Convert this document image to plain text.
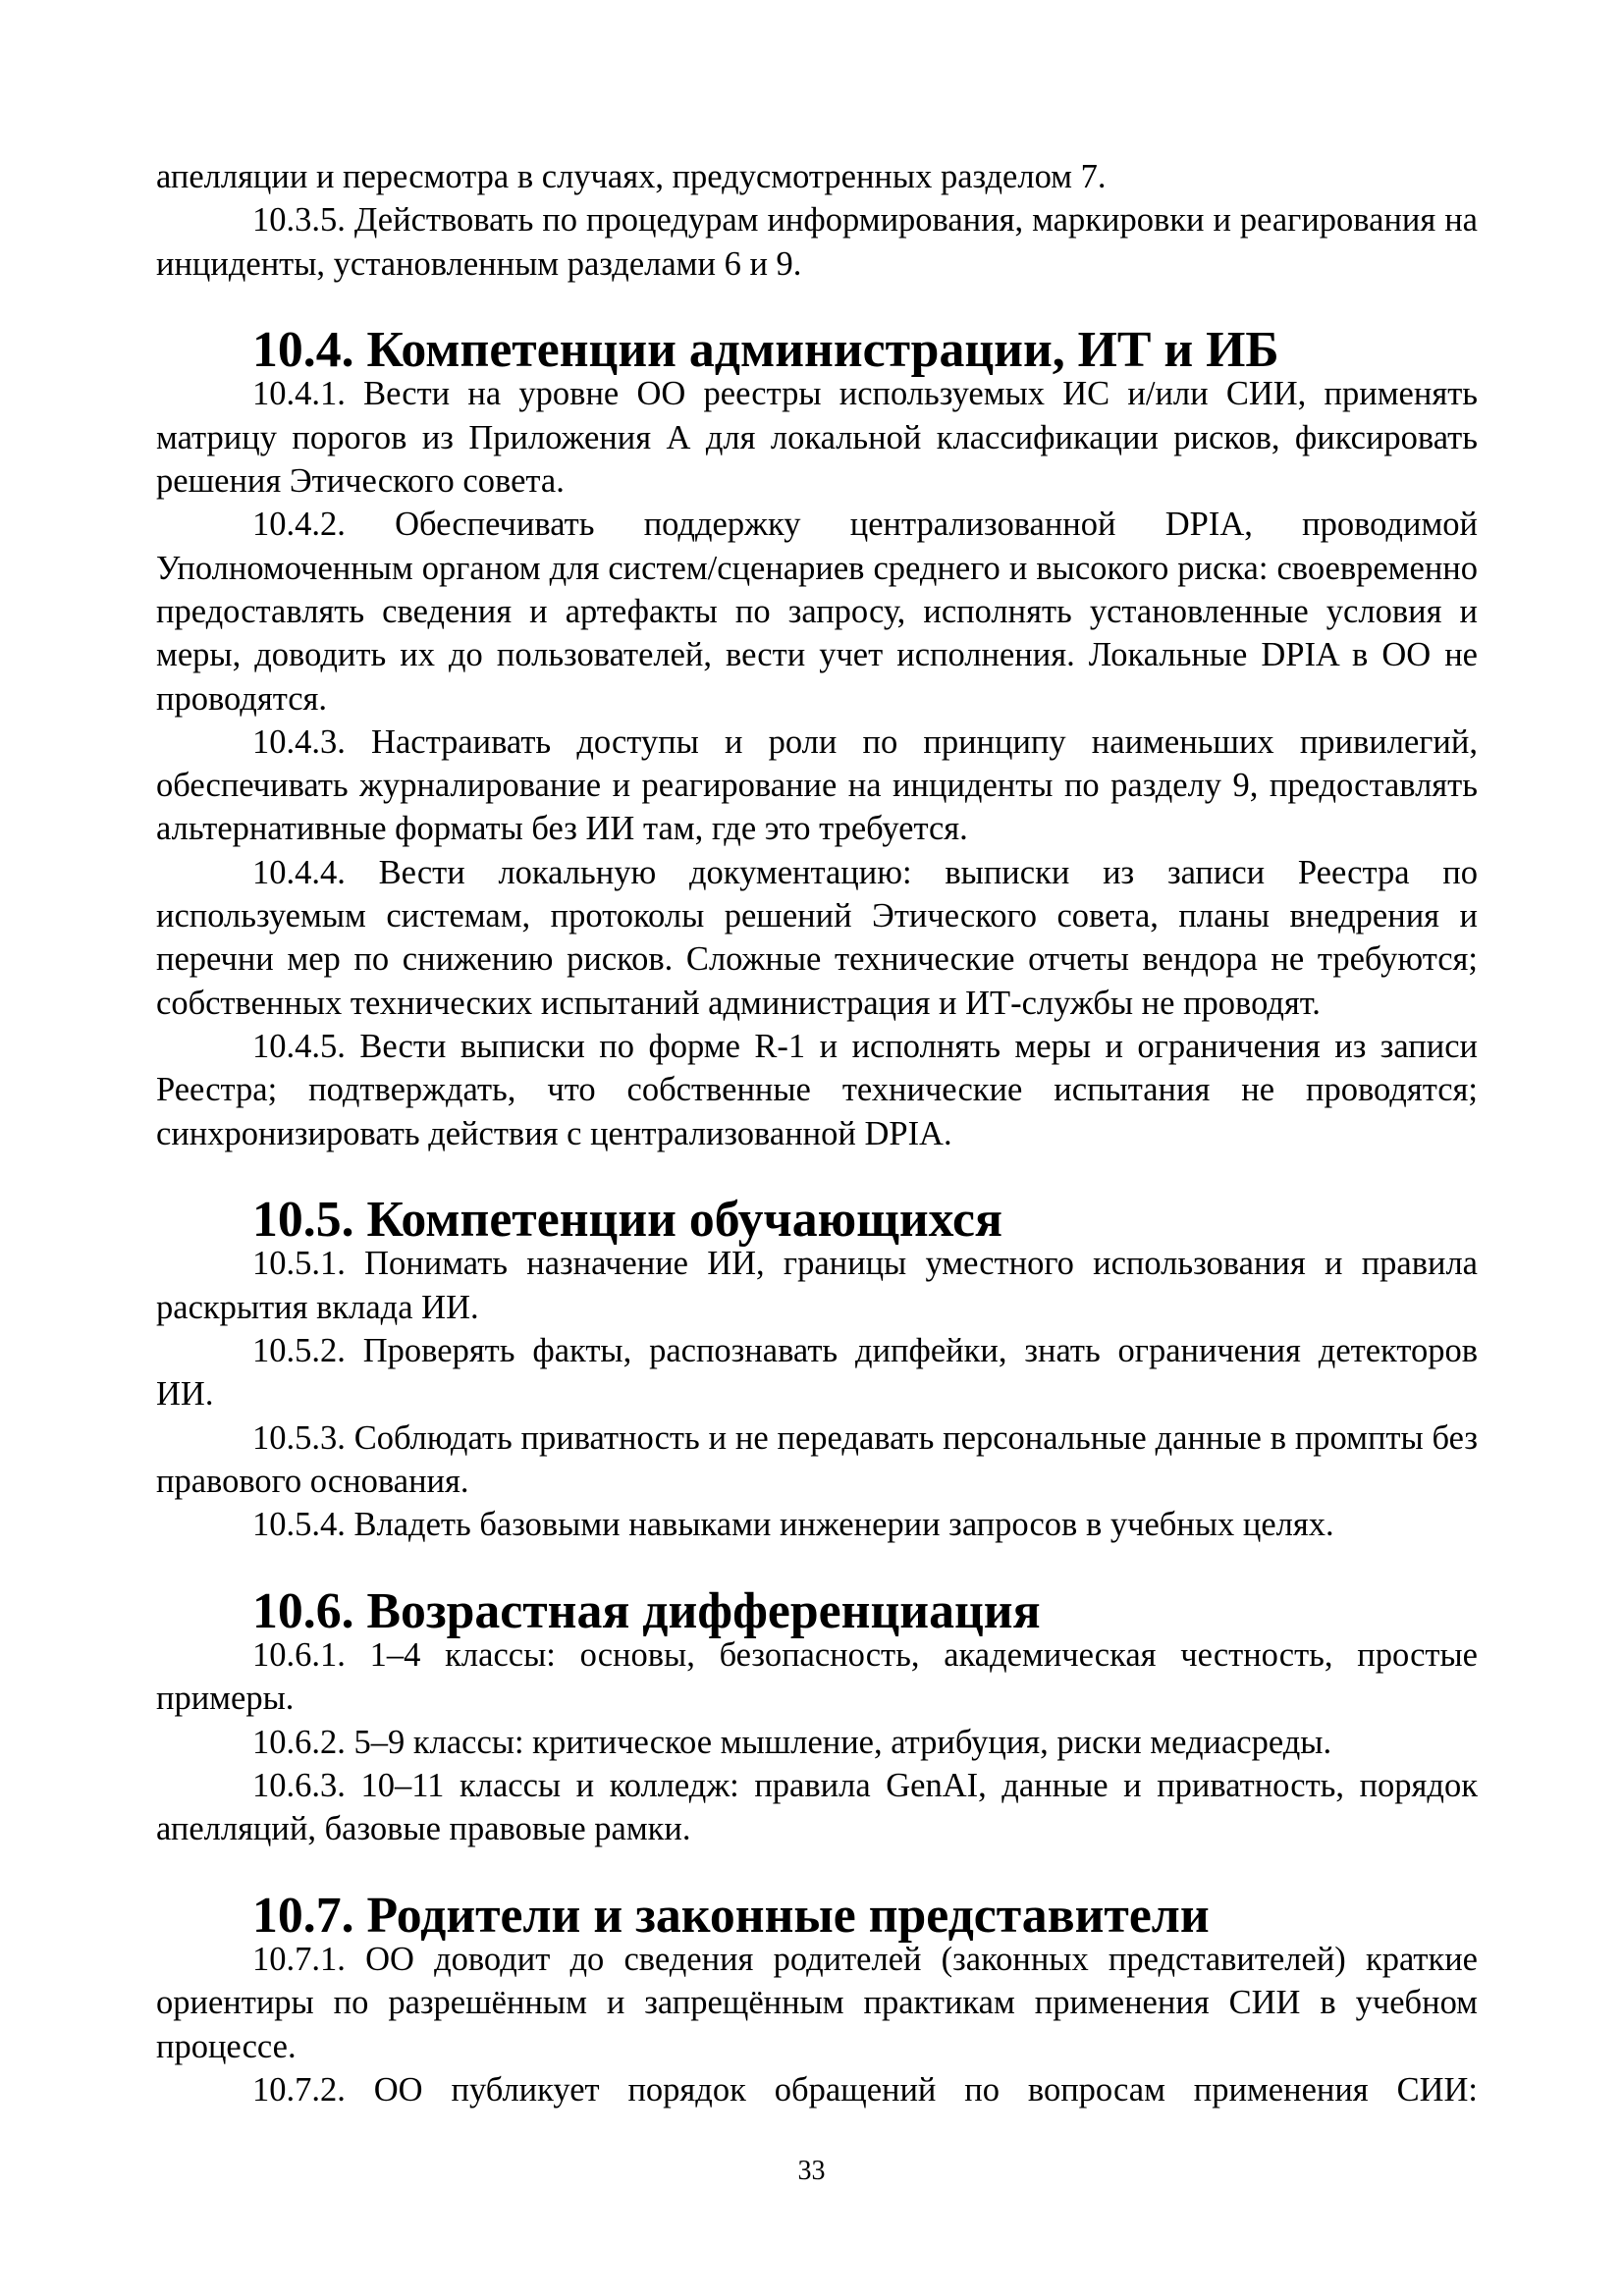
апелляции и пересмотра в случаях, предусмотренных разделом 7.

10.3.5. Действовать по процедурам информирования, маркировки и реагирования на инциденты, установленным разделами 6 и 9.

10.4. Компетенции администрации, ИТ и ИБ

10.4.1. Вести на уровне ОО реестры используемых ИС и/или СИИ, применять матрицу порогов из Приложения А для локальной классификации рисков, фиксировать решения Этического совета.

10.4.2. Обеспечивать поддержку централизованной DPIA, проводимой Уполномоченным органом для систем/сценариев среднего и высокого риска: своевременно предоставлять сведения и артефакты по запросу, исполнять установленные условия и меры, доводить их до пользователей, вести учет исполнения. Локальные DPIA в ОО не проводятся.

10.4.3. Настраивать доступы и роли по принципу наименьших привилегий, обеспечивать журналирование и реагирование на инциденты по разделу 9, предоставлять альтернативные форматы без ИИ там, где это требуется.

10.4.4. Вести локальную документацию: выписки из записи Реестра по используемым системам, протоколы решений Этического совета, планы внедрения и перечни мер по снижению рисков. Сложные технические отчеты вендора не требуются; собственных технических испытаний администрация и ИТ-службы не проводят.

10.4.5. Вести выписки по форме R-1 и исполнять меры и ограничения из записи Реестра; подтверждать, что собственные технические испытания не проводятся; синхронизировать действия с централизованной DPIA.

10.5. Компетенции обучающихся

10.5.1. Понимать назначение ИИ, границы уместного использования и правила раскрытия вклада ИИ.

10.5.2. Проверять факты, распознавать дипфейки, знать ограничения детекторов ИИ.

10.5.3. Соблюдать приватность и не передавать персональные данные в промпты без правового основания.

10.5.4. Владеть базовыми навыками инженерии запросов в учебных целях.

10.6. Возрастная дифференциация

10.6.1. 1–4 классы: основы, безопасность, академическая честность, простые примеры.

10.6.2. 5–9 классы: критическое мышление, атрибуция, риски медиасреды.

10.6.3. 10–11 классы и колледж: правила GenAI, данные и приватность, порядок апелляций, базовые правовые рамки.

10.7. Родители и законные представители

10.7.1. ОО доводит до сведения родителей (законных представителей) краткие ориентиры по разрешённым и запрещённым практикам применения СИИ в учебном процессе.

10.7.2. ОО публикует порядок обращений по вопросам применения СИИ:

33
